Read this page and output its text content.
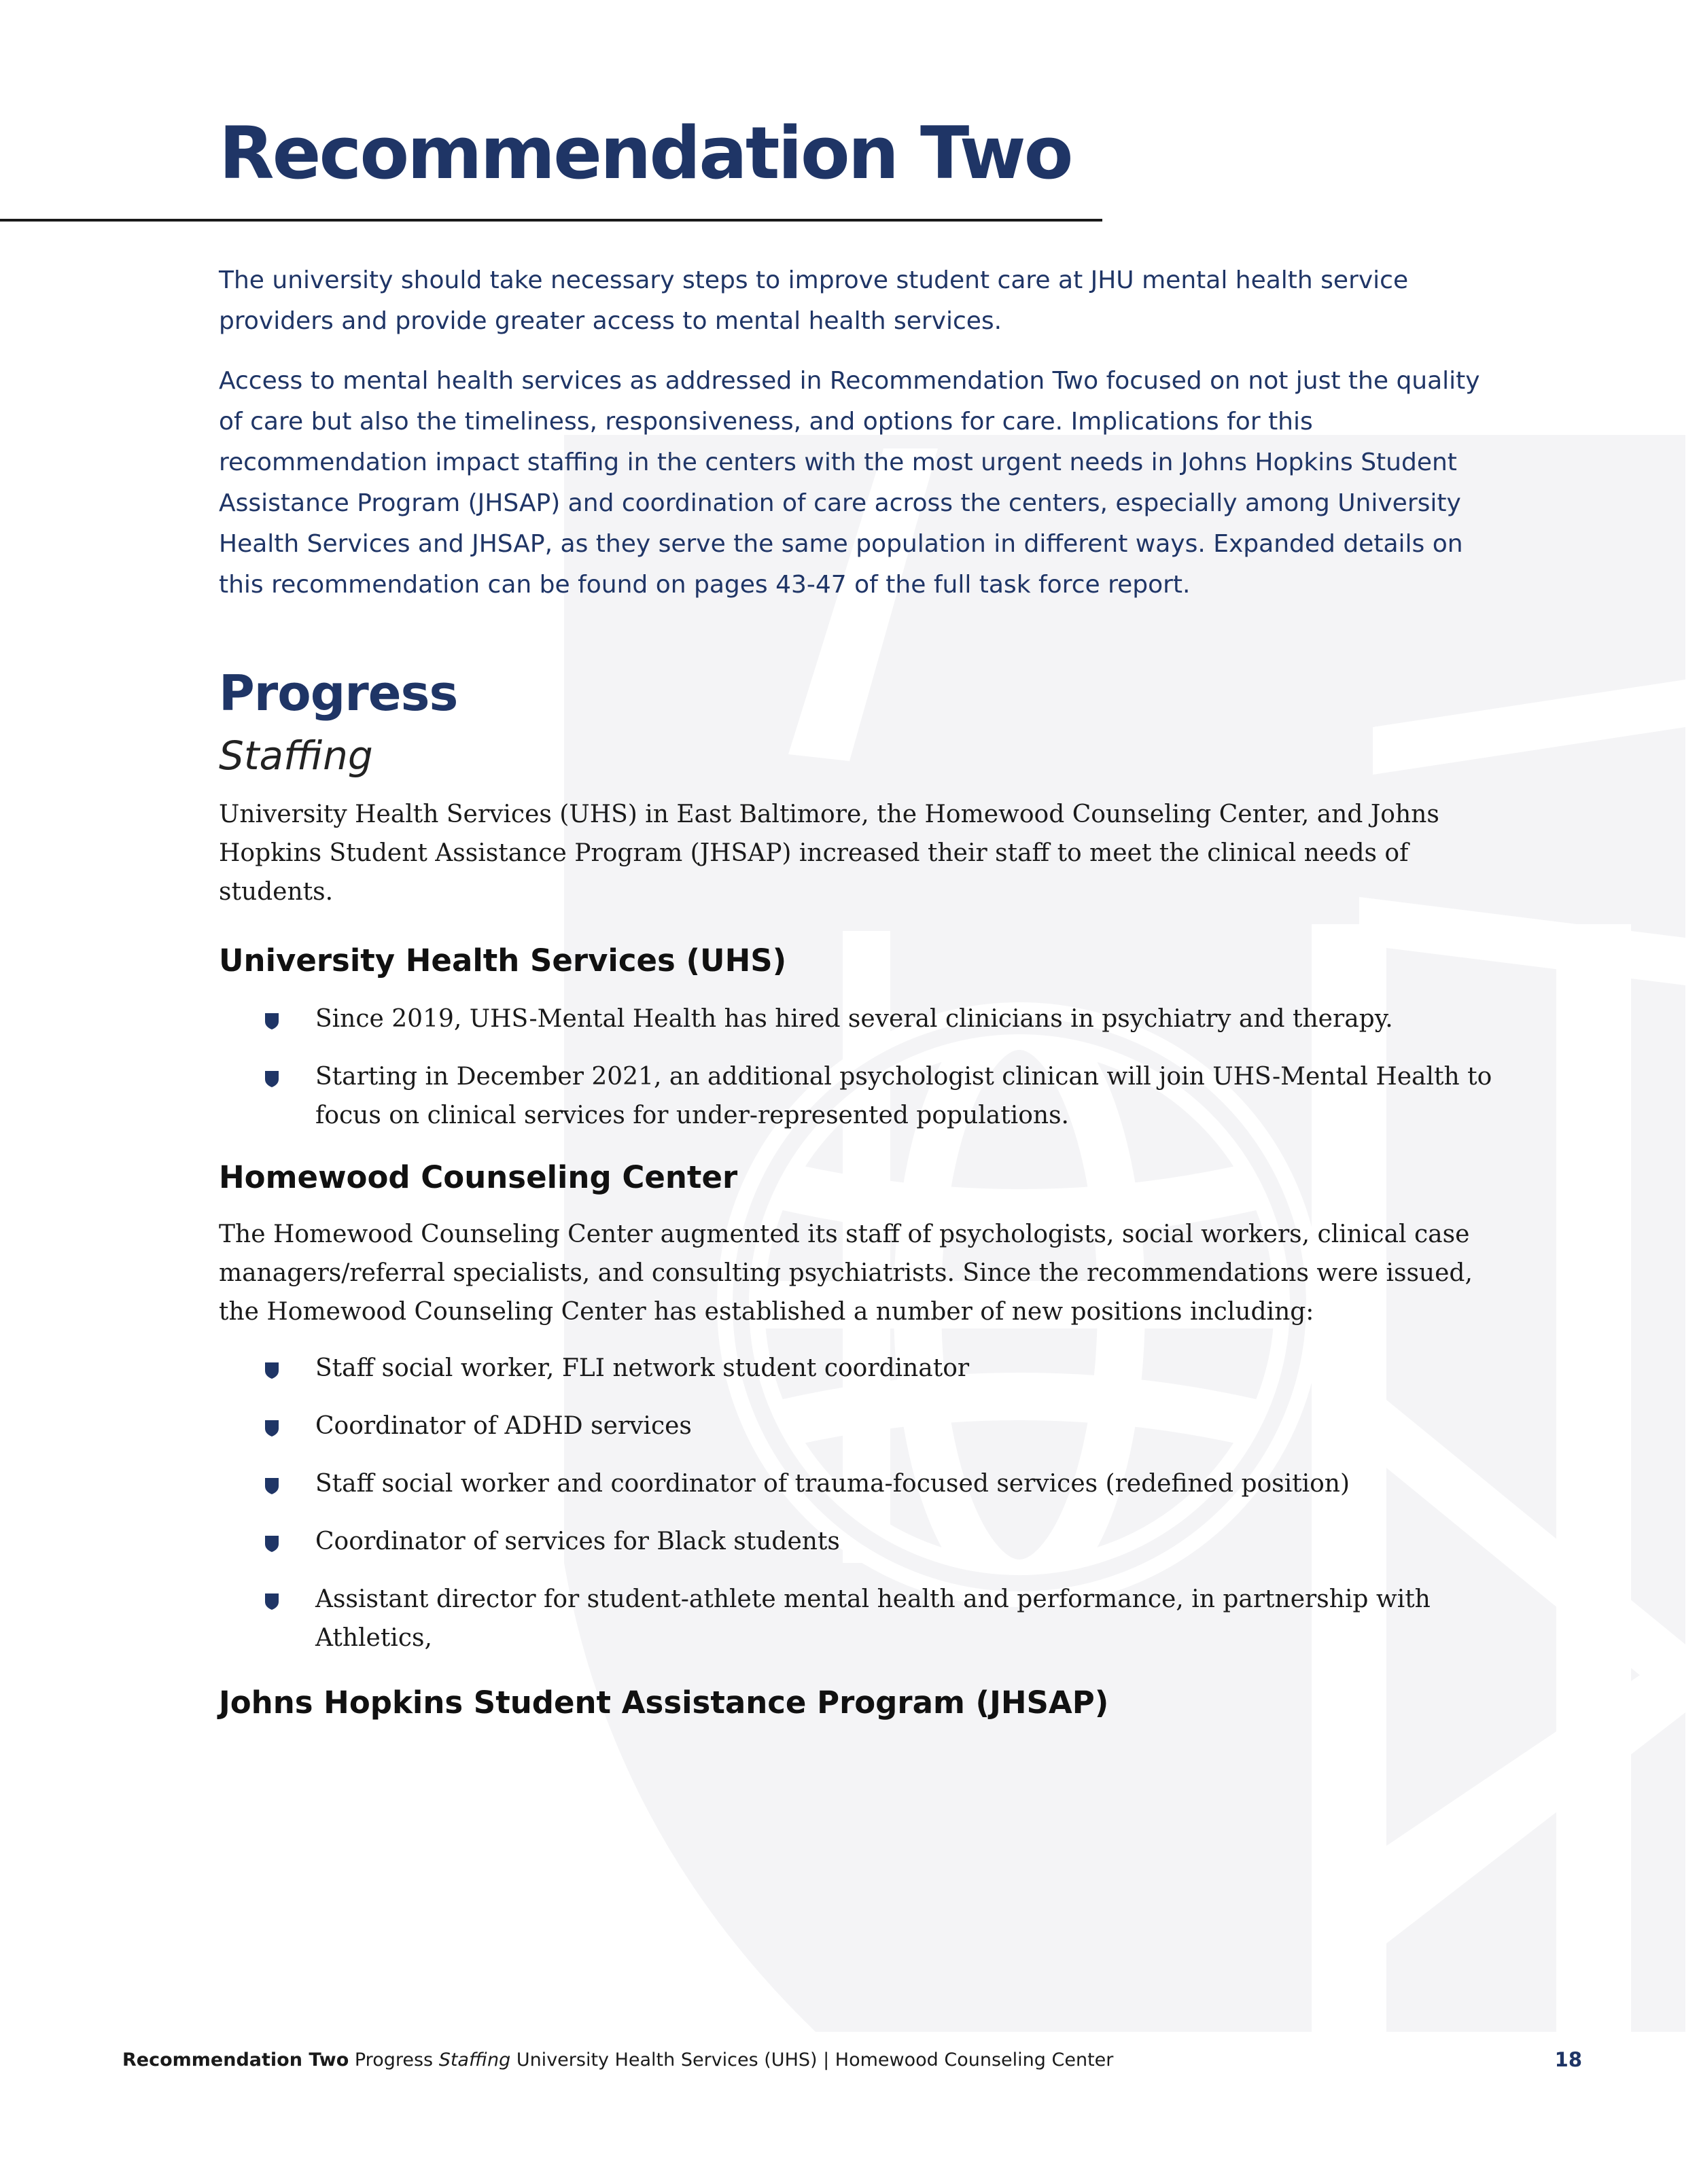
Recommendation Two

The university should take necessary steps to improve student care at JHU mental health service providers and provide greater access to mental health services.

Access to mental health services as addressed in Recommendation Two focused on not just the quality of care but also the timeliness, responsiveness, and options for care. Implications for this recommendation impact staffing in the centers with the most urgent needs in Johns Hopkins Student Assistance Program (JHSAP) and coordination of care across the centers, especially among University Health Services and JHSAP, as they serve the same population in different ways. Expanded details on this recommendation can be found on pages 43-47 of the full task force report.

Progress
Staffing

University Health Services (UHS) in East Baltimore, the Homewood Counseling Center, and Johns Hopkins Student Assistance Program (JHSAP) increased their staff to meet the clinical needs of students.

University Health Services (UHS)
Since 2019, UHS-Mental Health has hired several clinicians in psychiatry and therapy.
Starting in December 2021, an additional psychologist clinican will join UHS-Mental Health to focus on clinical services for under-represented populations.
Homewood Counseling Center

The Homewood Counseling Center augmented its staff of psychologists, social workers, clinical case managers/referral specialists, and consulting psychiatrists. Since the recommendations were issued, the Homewood Counseling Center has established a number of new positions including:

Staff social worker, FLI network student coordinator
Coordinator of ADHD services
Staff social worker and coordinator of trauma-focused services (redefined position)
Coordinator of services for Black students
Assistant director for student-athlete mental health and performance, in partnership with Athletics,
Johns Hopkins Student Assistance Program (JHSAP)
Recommendation Two Progress Staffing University Health Services (UHS) | Homewood Counseling Center	18
